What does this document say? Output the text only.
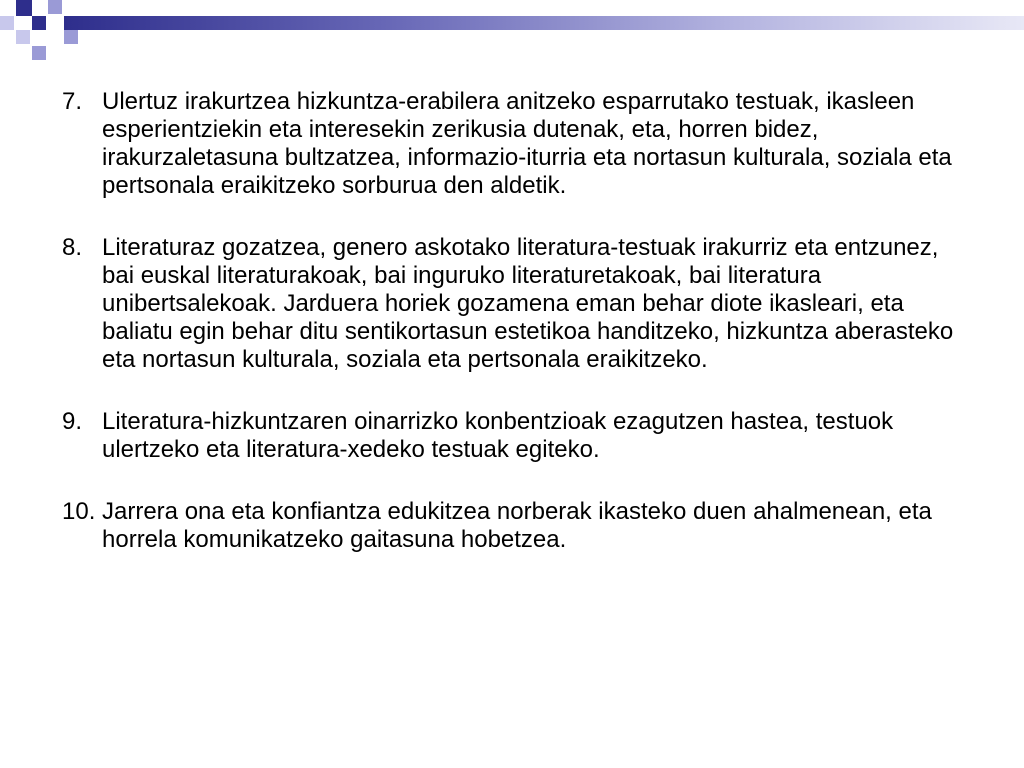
7. Ulertuz irakurtzea hizkuntza-erabilera anitzeko esparrutako testuak, ikasleen esperientziekin eta interesekin zerikusia dutenak, eta, horren bidez, irakurzaletasuna bultzatzea, informazio-iturria eta nortasun kulturala, soziala eta pertsonala eraikitzeko sorburua den aldetik.

8. Literaturaz gozatzea, genero askotako literatura-testuak irakurriz eta entzunez, bai euskal literaturakoak, bai inguruko literaturetakoak, bai literatura unibertsalekoak. Jarduera horiek gozamena eman behar diote ikasleari, eta baliatu egin behar ditu sentikortasun estetikoa handitzeko, hizkuntza aberasteko eta nortasun kulturala, soziala eta pertsonala eraikitzeko.

9. Literatura-hizkuntzaren oinarrizko konbentzioak ezagutzen hastea, testuok ulertzeko eta literatura-xedeko testuak egiteko.

10. Jarrera ona eta konfiantza edukitzea norberak ikasteko duen ahalmenean, eta horrela komunikatzeko gaitasuna hobetzea.
